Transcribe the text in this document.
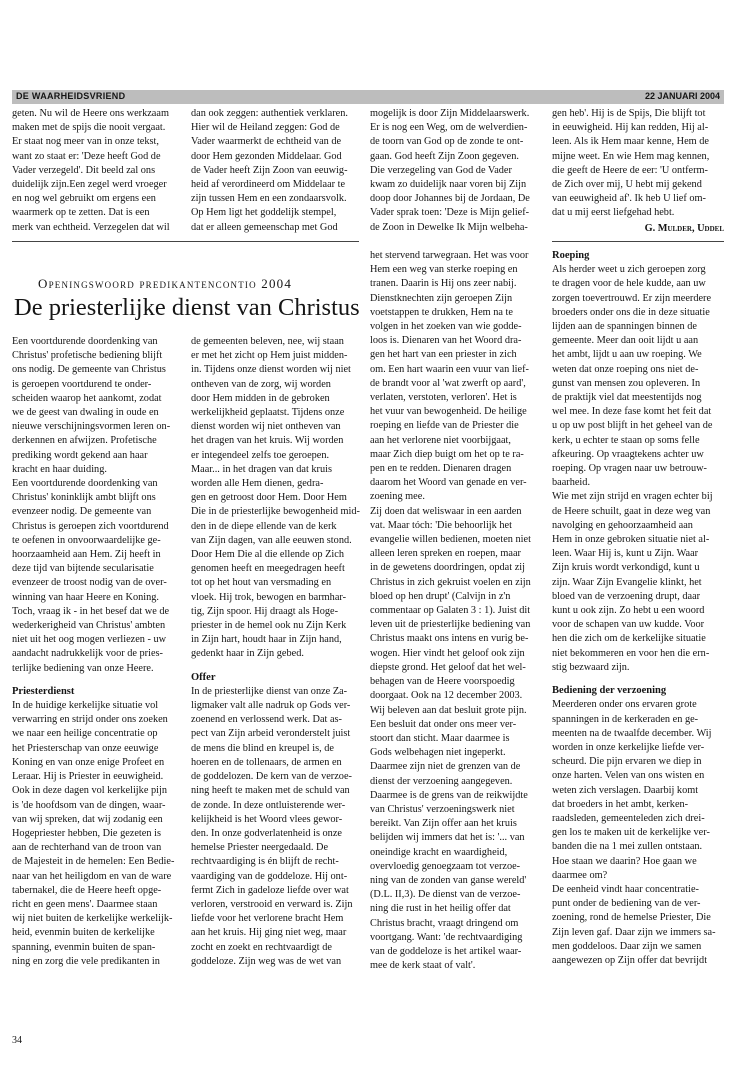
DE WAARHEIDSVRIEND	22 JANUARI 2004

geten. Nu wil de Heere ons werkzaam

maken met de spijs die nooit vergaat.

Er staat nog meer van in onze tekst,

want zo staat er: 'Deze heeft God de

Vader verzegeld'. Dit beeld zal ons

duidelijk zijn.Een zegel werd vroeger

en nog wel gebruikt om ergens een

waarmerk op te zetten. Dat is een

merk van echtheid. Verzegelen dat wil

dan ook zeggen: authentiek verklaren.

Hier wil de Heiland zeggen: God de

Vader waarmerkt de echtheid van de

door Hem gezonden Middelaar. God

de Vader heeft Zijn Zoon van eeuwig-

heid af verordineerd om Middelaar te

zijn tussen Hem en een zondaarsvolk.

Op Hem ligt het goddelijk stempel,

dat er alleen gemeenschap met God

mogelijk is door Zijn Middelaarswerk.

Er is nog een Weg, om de welverdien-

de toorn van God op de zonde te ont-

gaan. God heeft Zijn Zoon gegeven.

Die verzegeling van God de Vader

kwam zo duidelijk naar voren bij Zijn

doop door Johannes bij de Jordaan, De

Vader sprak toen: 'Deze is Mijn gelief-

de Zoon in Dewelke Ik Mijn welbeha-

gen heb'. Hij is de Spijs, Die blijft tot

in eeuwigheid. Hij kan redden, Hij al-

leen. Als ik Hem maar kenne, Hem de

mijne weet. En wie Hem mag kennen,

die geeft de Heere de eer: 'U ontferm-

de Zich over mij, U hebt mij gekend

van eeuwigheid af'. Ik heb U lief om-

dat u mij eerst liefgehad hebt.

G. Mulder, Uddel

Openingswoord predikantencontio 2004
De priesterlijke dienst van Christus

Een voortdurende doordenking van

Christus' profetische bediening blijft

ons nodig. De gemeente van Christus

is geroepen voortdurend te onder-

scheiden waarop het aankomt, zodat

we de geest van dwaling in oude en

nieuwe verschijningsvormen leren on-

derkennen en afwijzen. Profetische

prediking wordt gekend aan haar

kracht en haar duiding.

Een voortdurende doordenking van

Christus' koninklijk ambt blijft ons

evenzeer nodig. De gemeente van

Christus is geroepen zich voortdurend

te oefenen in onvoorwaardelijke ge-

hoorzaamheid aan Hem. Zij heeft in

deze tijd van bijtende secularisatie

evenzeer de troost nodig van de over-

winning van haar Heere en Koning.

Toch, vraag ik - in het besef dat we de

wederkerigheid van Christus' ambten

niet uit het oog mogen verliezen - uw

aandacht nadrukkelijk voor de pries-

terlijke bediening van onze Heere.

Priesterdienst

In de huidige kerkelijke situatie vol

verwarring en strijd onder ons zoeken

we naar een heilige concentratie op

het Priesterschap van onze eeuwige

Koning en van onze enige Profeet en

Leraar. Hij is Priester in eeuwigheid.

Ook in deze dagen vol kerkelijke pijn

is 'de hoofdsom van de dingen, waar-

van wij spreken, dat wij zodanig een

Hogepriester hebben, Die gezeten is

aan de rechterhand van de troon van

de Majesteit in de hemelen: Een Bedie-

naar van het heiligdom en van de ware

tabernakel, die de Heere heeft opge-

richt en geen mens'. Daarmee staan

wij niet buiten de kerkelijke werkelijk-

heid, evenmin buiten de kerkelijke

spanning, evenmin buiten de span-

ning en zorg die vele predikanten in

de gemeenten beleven, nee, wij staan

er met het zicht op Hem juist midden-

in. Tijdens onze dienst worden wij niet

ontheven van de zorg, wij worden

door Hem midden in de gebroken

werkelijkheid geplaatst. Tijdens onze

dienst worden wij niet ontheven van

het dragen van het kruis. Wij worden

er integendeel zelfs toe geroepen.

Maar... in het dragen van dat kruis

worden alle Hem dienen, gedra-

gen en getroost door Hem. Door Hem

Die in de priesterlijke bewogenheid mid-

den in de diepe ellende van de kerk

van Zijn dagen, van alle eeuwen stond.

Door Hem Die al die ellende op Zich

genomen heeft en meegedragen heeft

tot op het hout van versmading en

vloek. Hij trok, bewogen en barmhar-

tig, Zijn spoor. Hij draagt als Hoge-

priester in de hemel ook nu Zijn Kerk

in Zijn hart, houdt haar in Zijn hand,

gedenkt haar in Zijn gebed.

Offer

In de priesterlijke dienst van onze Za-

ligmaker valt alle nadruk op Gods ver-

zoenend en verlossend werk. Dat as-

pect van Zijn arbeid veronderstelt juist

de mens die blind en kreupel is, de

hoeren en de tollenaars, de armen en

de goddelozen. De kern van de verzoe-

ning heeft te maken met de schuld van

de zonde. In deze ontluisterende wer-

kelijkheid is het Woord vlees gewor-

den. In onze godverlatenheid is onze

hemelse Priester neergedaald. De

rechtvaardiging is én blijft de recht-

vaardiging van de goddeloze. Hij ont-

fermt Zich in gadeloze liefde over wat

verloren, verstrooid en verward is. Zijn

liefde voor het verlorene bracht Hem

aan het kruis. Hij ging niet weg, maar

zocht en zoekt en rechtvaardigt de

goddeloze. Zijn weg was de wet van

het stervend tarwegraan. Het was voor

Hem een weg van sterke roeping en

tranen. Daarin is Hij ons zeer nabij.

Dienstknechten zijn geroepen Zijn

voetstappen te drukken, Hem na te

volgen in het zoeken van wie godde-

loos is. Dienaren van het Woord dra-

gen het hart van een priester in zich

om. Een hart waarin een vuur van lief-

de brandt voor al 'wat zwerft op aard',

verlaten, verstoten, verloren'. Het is

het vuur van bewogenheid. De heilige

roeping en liefde van de Priester die

aan het verlorene niet voorbijgaat,

maar Zich diep buigt om het op te ra-

pen en te redden. Dienaren dragen

daarom het Woord van genade en ver-

zoening mee.

Zij doen dat weliswaar in een aarden

vat. Maar tóch: 'Die behoorlijk het

evangelie willen bedienen, moeten niet

alleen leren spreken en roepen, maar

in de gewetens doordringen, opdat zij

Christus in zich gekruist voelen en zijn

bloed op hen drupt' (Calvijn in z'n

commentaar op Galaten 3 : 1). Juist dit

leven uit de priesterlijke bediening van

Christus maakt ons intens en vurig be-

wogen. Hier vindt het geloof ook zijn

diepste grond. Het geloof dat het wel-

behagen van de Heere voorspoedig

doorgaat. Ook na 12 december 2003.

Wij beleven aan dat besluit grote pijn.

Een besluit dat onder ons meer ver-

stoort dan sticht. Maar daarmee is

Gods welbehagen niet ingeperkt.

Daarmee zijn niet de grenzen van de

dienst der verzoening aangegeven.

Daarmee is de grens van de reikwijdte

van Christus' verzoeningswerk niet

bereikt. Van Zijn offer aan het kruis

belijden wij immers dat het is: '... van

oneindige kracht en waardigheid,

overvloedig genoegzaam tot verzoe-

ning van de zonden van ganse wereld'

(D.L. II,3). De dienst van de verzoe-

ning die rust in het heilig offer dat

Christus bracht, vraagt dringend om

voortgang. Want: 'de rechtvaardiging

van de goddeloze is het artikel waar-

mee de kerk staat of valt'.

Roeping

Als herder weet u zich geroepen zorg

te dragen voor de hele kudde, aan uw

zorgen toevertrouwd. Er zijn meerdere

broeders onder ons die in deze situatie

lijden aan de spanningen binnen de

gemeente. Meer dan ooit lijdt u aan

het ambt, lijdt u aan uw roeping. We

weten dat onze roeping ons niet de-

gunst van mensen zou opleveren. In

de praktijk viel dat meestentijds nog

wel mee. In deze fase komt het feit dat

u op uw post blijft in het geheel van de

kerk, u echter te staan op soms felle

afkeuring. Op vraagtekens achter uw

roeping. Op vragen naar uw betrouw-

baarheid.

Wie met zijn strijd en vragen echter bij

de Heere schuilt, gaat in deze weg van

navolging en gehoorzaamheid aan

Hem in onze gebroken situatie niet al-

leen. Waar Hij is, kunt u Zijn. Waar

Zijn kruis wordt verkondigd, kunt u

zijn. Waar Zijn Evangelie klinkt, het

bloed van de verzoening drupt, daar

kunt u ook zijn. Zo hebt u een woord

voor de schapen van uw kudde. Voor

hen die zich om de kerkelijke situatie

niet bekommeren en voor hen die ern-

stig bezwaard zijn.

Bediening der verzoening

Meerderen onder ons ervaren grote

spanningen in de kerkeraden en ge-

meenten na de twaalfde december. Wij

worden in onze kerkelijke liefde ver-

scheurd. Die pijn ervaren we diep in

onze harten. Velen van ons wisten en

weten zich verslagen. Daarbij komt

dat broeders in het ambt, kerken-

raadsleden, gemeenteleden zich drei-

gen los te maken uit de kerkelijke ver-

banden die na 1 mei zullen ontstaan.

Hoe staan we daarin? Hoe gaan we

daarmee om?

De eenheid vindt haar concentratie-

punt onder de bediening van de ver-

zoening, rond de hemelse Priester, Die

Zijn leven gaf. Daar zijn we immers sa-

men goddeloos. Daar zijn we samen

aangewezen op Zijn offer dat bevrijdt

34
